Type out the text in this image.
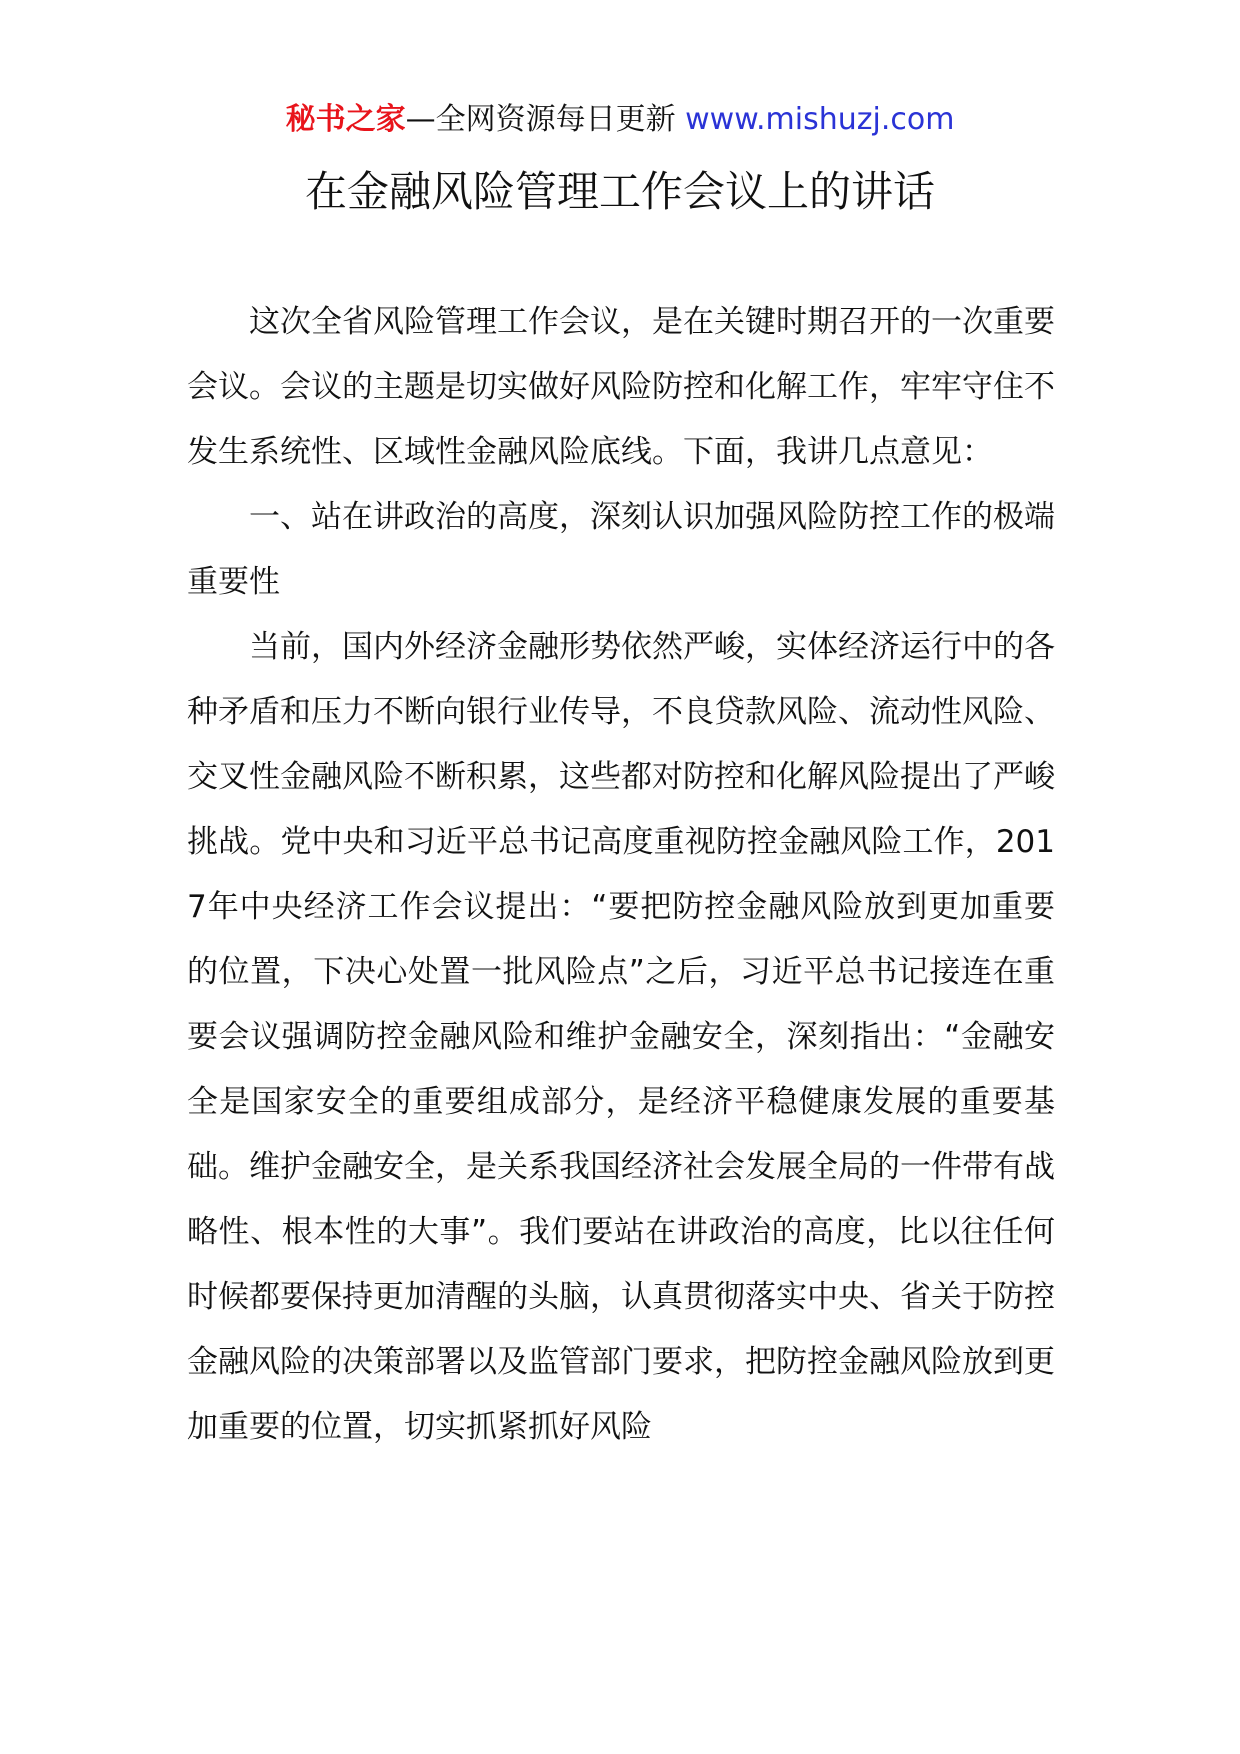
秘书之家—全网资源每日更新 www.mishuzj.com
在金融风险管理工作会议上的讲话

这次全省风险管理工作会议，是在关键时期召开的一次重要会议。会议的主题是切实做好风险防控和化解工作，牢牢守住不发生系统性、区域性金融风险底线。下面，我讲几点意见：

一、站在讲政治的高度，深刻认识加强风险防控工作的极端重要性

当前，国内外经济金融形势依然严峻，实体经济运行中的各种矛盾和压力不断向银行业传导，不良贷款风险、流动性风险、交叉性金融风险不断积累，这些都对防控和化解风险提出了严峻挑战。党中央和习近平总书记高度重视防控金融风险工作，2017年中央经济工作会议提出：“要把防控金融风险放到更加重要的位置，下决心处置一批风险点”之后，习近平总书记接连在重要会议强调防控金融风险和维护金融安全，深刻指出：“金融安全是国家安全的重要组成部分，是经济平稳健康发展的重要基础。维护金融安全，是关系我国经济社会发展全局的一件带有战略性、根本性的大事”。我们要站在讲政治的高度，比以往任何时候都要保持更加清醒的头脑，认真贯彻落实中央、省关于防控金融风险的决策部署以及监管部门要求，把防控金融风险放到更加重要的位置，切实抓紧抓好风险
